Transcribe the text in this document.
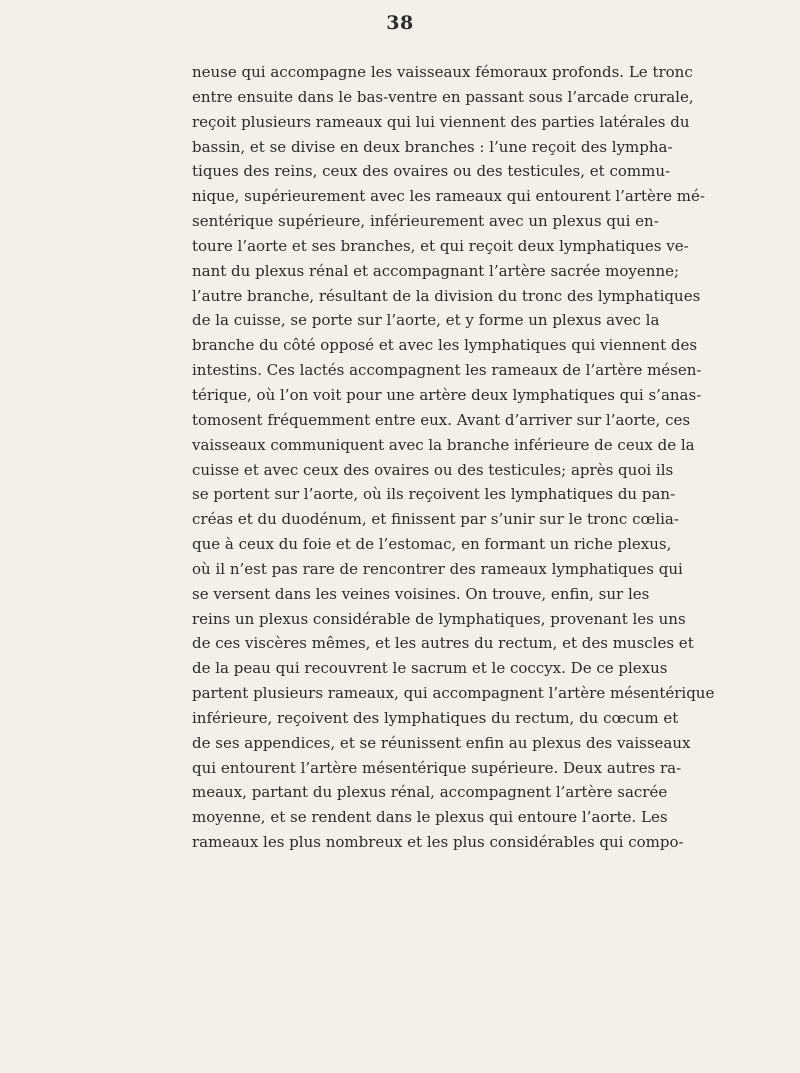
38
neuse qui accompagne les vaisseaux fémoraux profonds. Le tronc
entre ensuite dans le bas-ventre en passant sous l’arcade crurale,
reçoit plusieurs rameaux qui lui viennent des parties latérales du
bassin, et se divise en deux branches : l’une reçoit des lympha-
tiques des reins, ceux des ovaires ou des testicules, et commu-
nique, supérieurement avec les rameaux qui entourent l’artère mé-
sentérique supérieure, inférieurement avec un plexus qui en-
toure l’aorte et ses branches, et qui reçoit deux lymphatiques ve-
nant du plexus rénal et accompagnant l’artère sacrée moyenne;
l’autre branche, résultant de la division du tronc des lymphatiques
de la cuisse, se porte sur l’aorte, et y forme un plexus avec la
branche du côté opposé et avec les lymphatiques qui viennent des
intestins. Ces lactés accompagnent les rameaux de l’artère mésen-
térique, où l’on voit pour une artère deux lymphatiques qui s’anas-
tomosent fréquemment entre eux. Avant d’arriver sur l’aorte, ces
vaisseaux communiquent avec la branche inférieure de ceux de la
cuisse et avec ceux des ovaires ou des testicules; après quoi ils
se portent sur l’aorte, où ils reçoivent les lymphatiques du pan-
créas et du duodénum, et finissent par s’unir sur le tronc cœlia-
que à ceux du foie et de l’estomac, en formant un riche plexus,
où il n’est pas rare de rencontrer des rameaux lymphatiques qui
se versent dans les veines voisines. On trouve, enfin, sur les
reins un plexus considérable de lymphatiques, provenant les uns
de ces viscères mêmes, et les autres du rectum, et des muscles et
de la peau qui recouvrent le sacrum et le coccyx. De ce plexus
partent plusieurs rameaux, qui accompagnent l’artère mésentérique
inférieure, reçoivent des lymphatiques du rectum, du cœcum et
de ses appendices, et se réunissent enfin au plexus des vaisseaux
qui entourent l’artère mésentérique supérieure. Deux autres ra-
meaux, partant du plexus rénal, accompagnent l’artère sacrée
moyenne, et se rendent dans le plexus qui entoure l’aorte. Les
rameaux les plus nombreux et les plus considérables qui compo-
